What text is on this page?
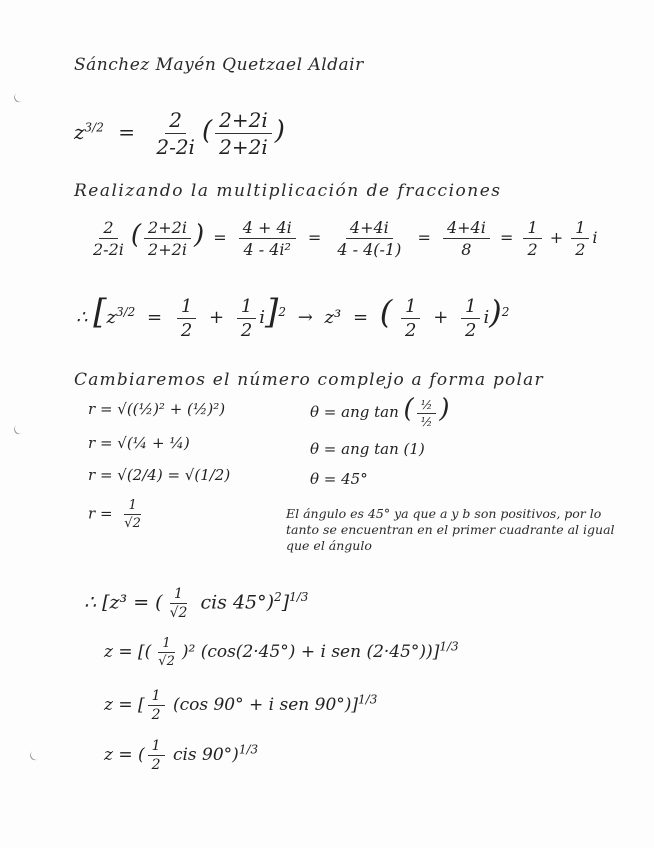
Sánchez Mayén Quetzael Aldair
$z^{3/2} = \frac{2}{2-2i}$ ( $\frac{2+2i}{2+2i}$ )
Realizando la multiplicación de fracciones
$\frac{2}{2-2i}$ ( $\frac{2+2i}{2+2i}$ ) = $\frac{4 + 4i}{\text{4 - 4i²}} = \frac{4+4i}{4 - 4(-1)} = \frac{4+4i}{8} = \frac{1}{2} + \frac{1}{2}$ i
∴ $[z^{3/2} = \frac{1}{2} + \frac{1}{2} i]^2 \to z^3$ = ( $\frac{1}{2} + \frac{1}{2} i)^2$
Cambiaremos el número complejo a forma polar
r = √((½)² + (½)²)
r = √(¼ + ¼)
r = √(2/4) = √(1/2)
$r = \frac{1}{√2}$
θ = ang tan ( $\frac{\text{½}}{\text{½}}$ )
θ = ang tan (1)
θ = 45°
El ángulo es 45° ya que a y b son positivos, por lo tanto se encuentran en el primer cuadrante al igual que el ángulo
∴ [z³ = ( $\frac{1}{√2}$ cis 45°)$^2$]$^{1/3}$
z = [( $\frac{1}{√2} )^2$ (cos(2·45°) + i sen (2·45°))]$^{1/3}$
z = [ $\frac{1}{2} (\cos$ 90° + i sen 90°)]$^{1/3}$
z = ( $\frac{1}{2}$ cis 90°)$^{1/3}$
